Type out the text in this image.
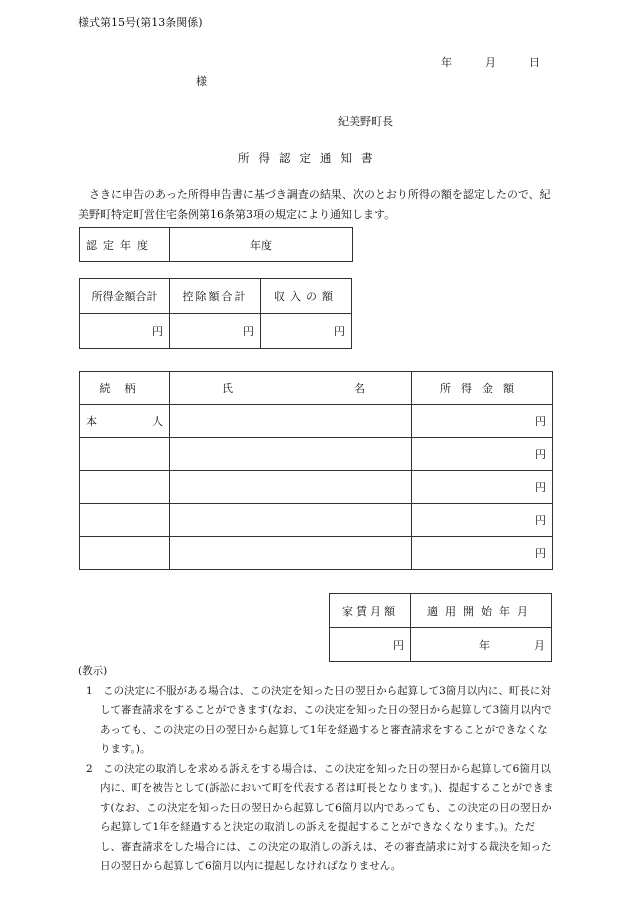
様式第15号(第13条関係)
年	月	日
様
紀美野町長
所得認定通知書
さきに申告のあった所得申告書に基づき調査の結果、次のとおり所得の額を認定したので、紀美野町特定町営住宅条例第16条第3項の規定により通知します。
認定年度	年度
所得金額合計	控除額合計	収入の額
円	円	円
続柄	氏 名	所得金額
本 人		円
		円
		円
		円
		円
家賃月額	適用開始年月
円	年 月
(教示)
1　この決定に不服がある場合は、この決定を知った日の翌日から起算して3箇月以内に、町長に対して審査請求をすることができます(なお、この決定を知った日の翌日から起算して3箇月以内であっても、この決定の日の翌日から起算して1年を経過すると審査請求をすることができなくなります。)。
2　この決定の取消しを求める訴えをする場合は、この決定を知った日の翌日から起算して6箇月以内に、町を被告として(訴訟において町を代表する者は町長となります。)、提起することができます(なお、この決定を知った日の翌日から起算して6箇月以内であっても、この決定の日の翌日から起算して1年を経過すると決定の取消しの訴えを提起することができなくなります。)。ただし、審査請求をした場合には、この決定の取消しの訴えは、その審査請求に対する裁決を知った日の翌日から起算して6箇月以内に提起しなければなりません。
